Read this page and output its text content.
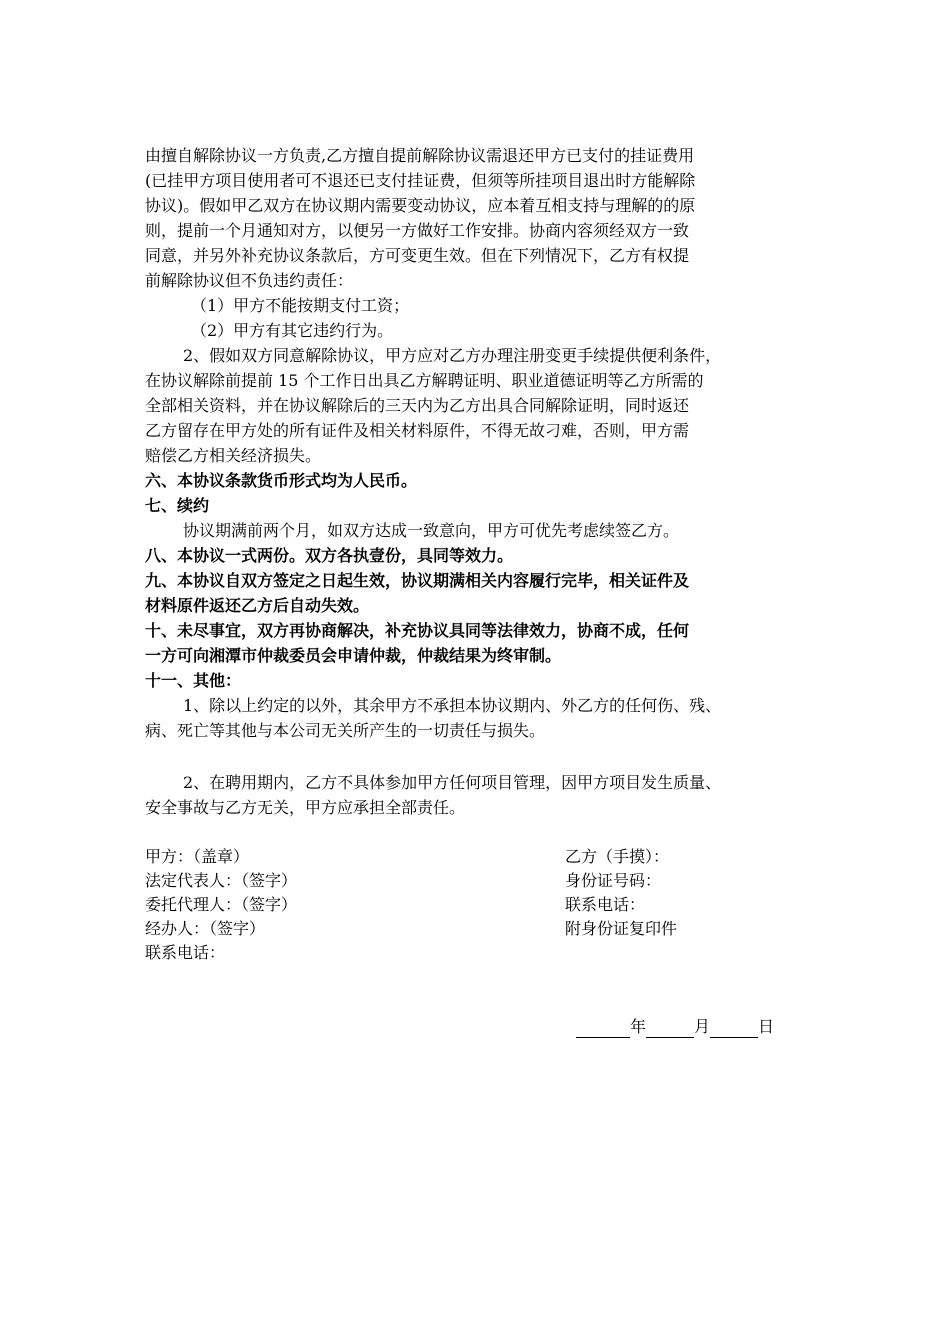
由擅自解除协议一方负责,乙方擅自提前解除协议需退还甲方已支付的挂证费用
(已挂甲方项目使用者可不退还已支付挂证费，但须等所挂项目退出时方能解除
协议)。假如甲乙双方在协议期内需要变动协议，应本着互相支持与理解的的原
则，提前一个月通知对方，以便另一方做好工作安排。协商内容须经双方一致
同意，并另外补充协议条款后，方可变更生效。但在下列情况下，乙方有权提
前解除协议但不负违约责任：
（1）甲方不能按期支付工资；
（2）甲方有其它违约行为。
2、假如双方同意解除协议，甲方应对乙方办理注册变更手续提供便利条件，
在协议解除前提前 15 个工作日出具乙方解聘证明、职业道德证明等乙方所需的
全部相关资料，并在协议解除后的三天内为乙方出具合同解除证明，同时返还
乙方留存在甲方处的所有证件及相关材料原件，不得无故刁难，否则，甲方需
赔偿乙方相关经济损失。
六、本协议条款货币形式均为人民币。
七、续约
协议期满前两个月，如双方达成一致意向，甲方可优先考虑续签乙方。
八、本协议一式两份。双方各执壹份，具同等效力。
九、本协议自双方签定之日起生效，协议期满相关内容履行完毕，相关证件及
材料原件返还乙方后自动失效。
十、未尽事宜，双方再协商解决，补充协议具同等法律效力，协商不成，任何
一方可向湘潭市仲裁委员会申请仲裁，仲裁结果为终审制。
十一、其他：
1、除以上约定的以外，其余甲方不承担本协议期内、外乙方的任何伤、残、
病、死亡等其他与本公司无关所产生的一切责任与损失。
2、在聘用期内，乙方不具体参加甲方任何项目管理，因甲方项目发生质量、
安全事故与乙方无关，甲方应承担全部责任。
甲方：（盖章）
法定代表人：（签字）
委托代理人：（签字）
经办人：（签字）
联系电话：
乙方（手摸）：
身份证号码：
联系电话：
附身份证复印件
年	月	日
